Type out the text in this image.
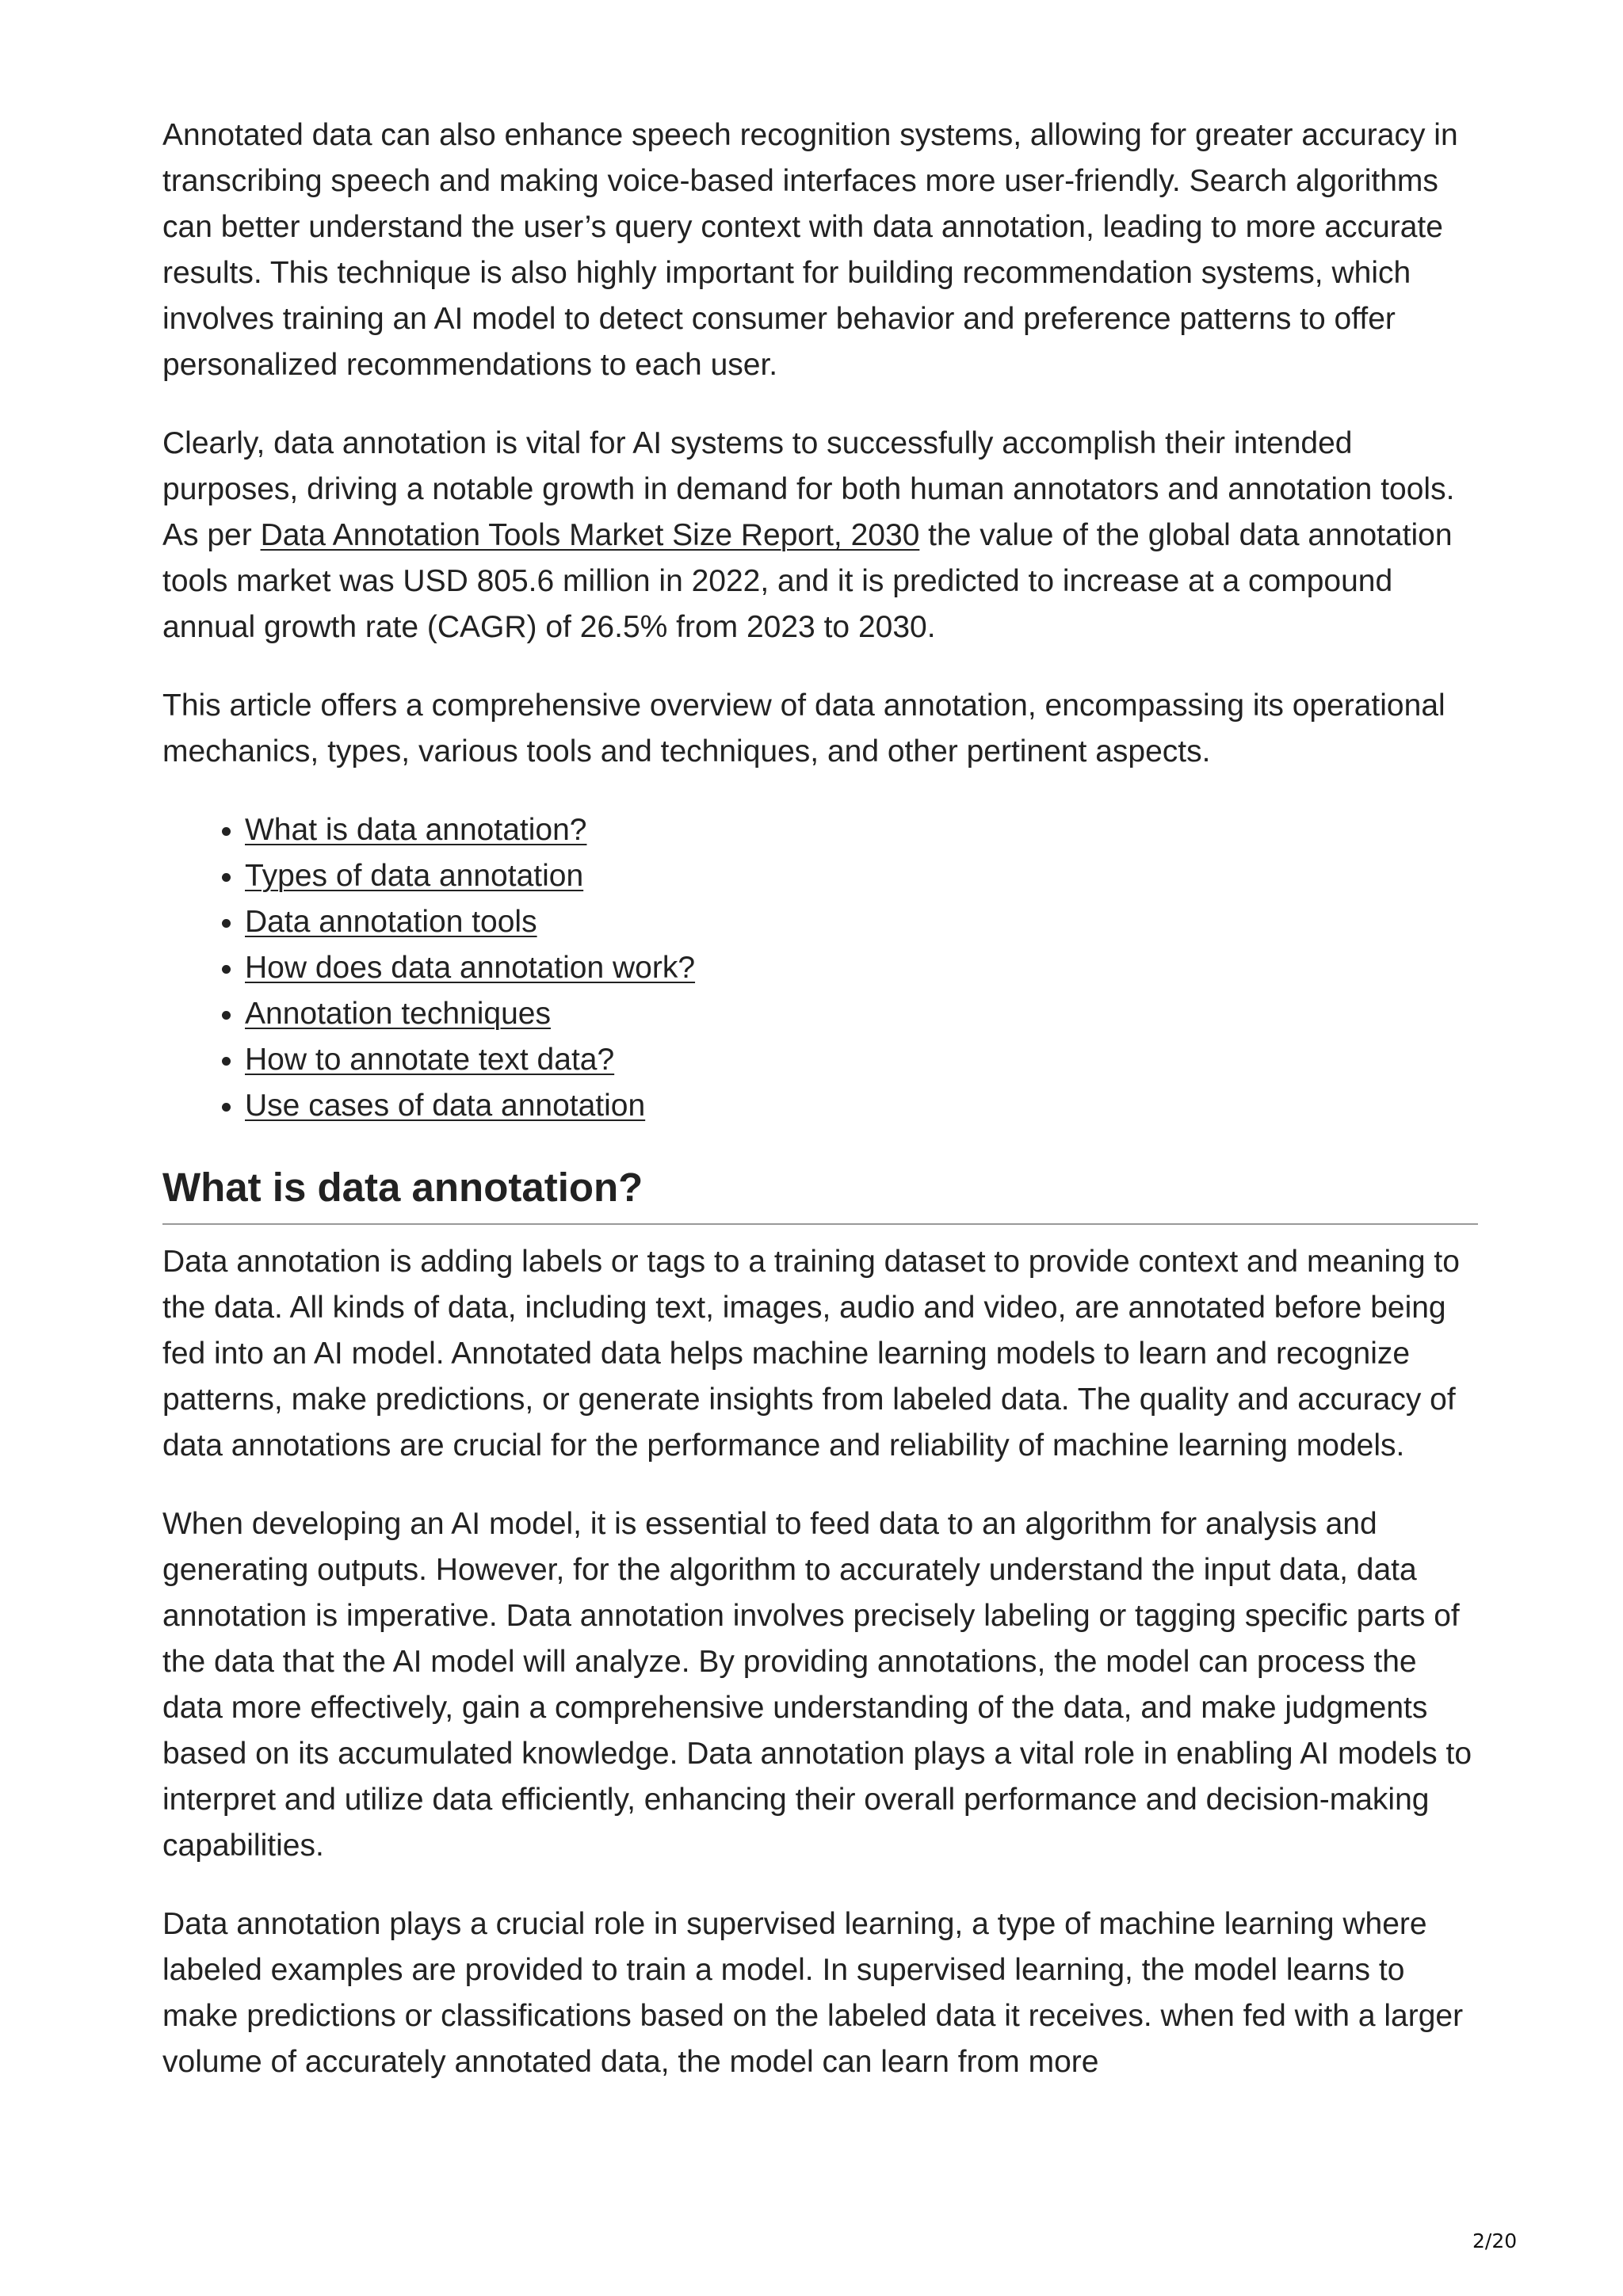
Annotated data can also enhance speech recognition systems, allowing for greater accuracy in transcribing speech and making voice-based interfaces more user-friendly. Search algorithms can better understand the user’s query context with data annotation, leading to more accurate results. This technique is also highly important for building recommendation systems, which involves training an AI model to detect consumer behavior and preference patterns to offer personalized recommendations to each user.

Clearly, data annotation is vital for AI systems to successfully accomplish their intended purposes, driving a notable growth in demand for both human annotators and annotation tools. As per Data Annotation Tools Market Size Report, 2030 the value of the global data annotation tools market was USD 805.6 million in 2022, and it is predicted to increase at a compound annual growth rate (CAGR) of 26.5% from 2023 to 2030.

This article offers a comprehensive overview of data annotation, encompassing its operational mechanics, types, various tools and techniques, and other pertinent aspects.

• What is data annotation?
• Types of data annotation
• Data annotation tools
• How does data annotation work?
• Annotation techniques
• How to annotate text data?
• Use cases of data annotation
What is data annotation?

Data annotation is adding labels or tags to a training dataset to provide context and meaning to the data. All kinds of data, including text, images, audio and video, are annotated before being fed into an AI model. Annotated data helps machine learning models to learn and recognize patterns, make predictions, or generate insights from labeled data. The quality and accuracy of data annotations are crucial for the performance and reliability of machine learning models.

When developing an AI model, it is essential to feed data to an algorithm for analysis and generating outputs. However, for the algorithm to accurately understand the input data, data annotation is imperative. Data annotation involves precisely labeling or tagging specific parts of the data that the AI model will analyze. By providing annotations, the model can process the data more effectively, gain a comprehensive understanding of the data, and make judgments based on its accumulated knowledge. Data annotation plays a vital role in enabling AI models to interpret and utilize data efficiently, enhancing their overall performance and decision-making capabilities.

Data annotation plays a crucial role in supervised learning, a type of machine learning where labeled examples are provided to train a model. In supervised learning, the model learns to make predictions or classifications based on the labeled data it receives. when fed with a larger volume of accurately annotated data, the model can learn from more

2/20
